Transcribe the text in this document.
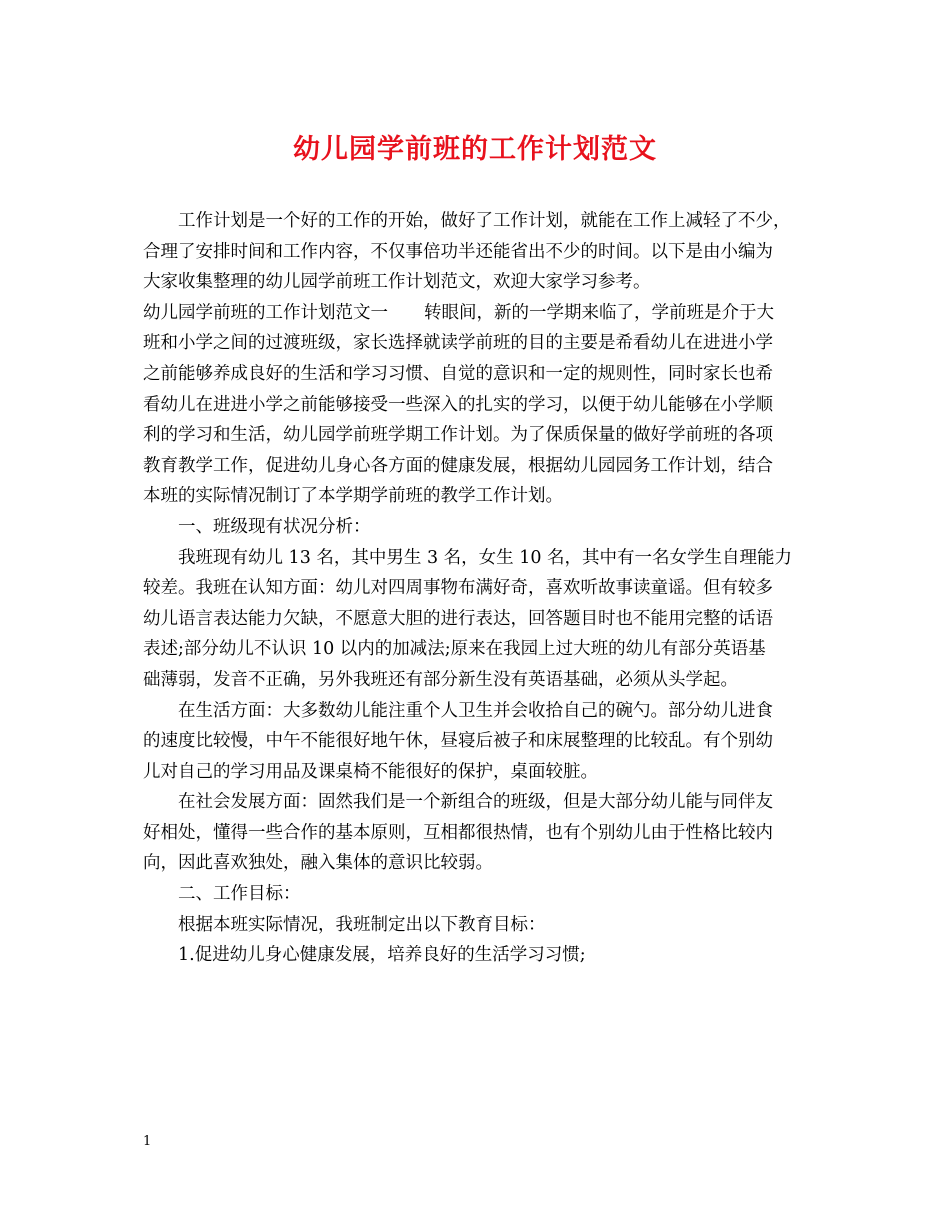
幼儿园学前班的工作计划范文

工作计划是一个好的工作的开始，做好了工作计划，就能在工作上减轻了不少，

合理了安排时间和工作内容，不仅事倍功半还能省出不少的时间。以下是由小编为

大家收集整理的幼儿园学前班工作计划范文，欢迎大家学习参考。

幼儿园学前班的工作计划范文一 转眼间，新的一学期来临了，学前班是介于大

班和小学之间的过渡班级，家长选择就读学前班的目的主要是希看幼儿在进进小学

之前能够养成良好的生活和学习习惯、自觉的意识和一定的规则性，同时家长也希

看幼儿在进进小学之前能够接受一些深入的扎实的学习，以便于幼儿能够在小学顺

利的学习和生活，幼儿园学前班学期工作计划。为了保质保量的做好学前班的各项

教育教学工作，促进幼儿身心各方面的健康发展，根据幼儿园园务工作计划，结合

本班的实际情况制订了本学期学前班的教学工作计划。

一、班级现有状况分析：

我班现有幼儿 13 名，其中男生 3 名，女生 10 名，其中有一名女学生自理能力

较差。我班在认知方面：幼儿对四周事物布满好奇，喜欢听故事读童谣。但有较多

幼儿语言表达能力欠缺，不愿意大胆的进行表达，回答题目时也不能用完整的话语

表述;部分幼儿不认识 10 以内的加减法;原来在我园上过大班的幼儿有部分英语基

础薄弱，发音不正确，另外我班还有部分新生没有英语基础，必须从头学起。

在生活方面：大多数幼儿能注重个人卫生并会收拾自己的碗勺。部分幼儿进食

的速度比较慢，中午不能很好地午休，昼寝后被子和床展整理的比较乱。有个别幼

儿对自己的学习用品及课桌椅不能很好的保护，桌面较脏。

在社会发展方面：固然我们是一个新组合的班级，但是大部分幼儿能与同伴友

好相处，懂得一些合作的基本原则，互相都很热情，也有个别幼儿由于性格比较内

向，因此喜欢独处，融入集体的意识比较弱。

二、工作目标：

根据本班实际情况，我班制定出以下教育目标：

1.促进幼儿身心健康发展，培养良好的生活学习习惯;

1
